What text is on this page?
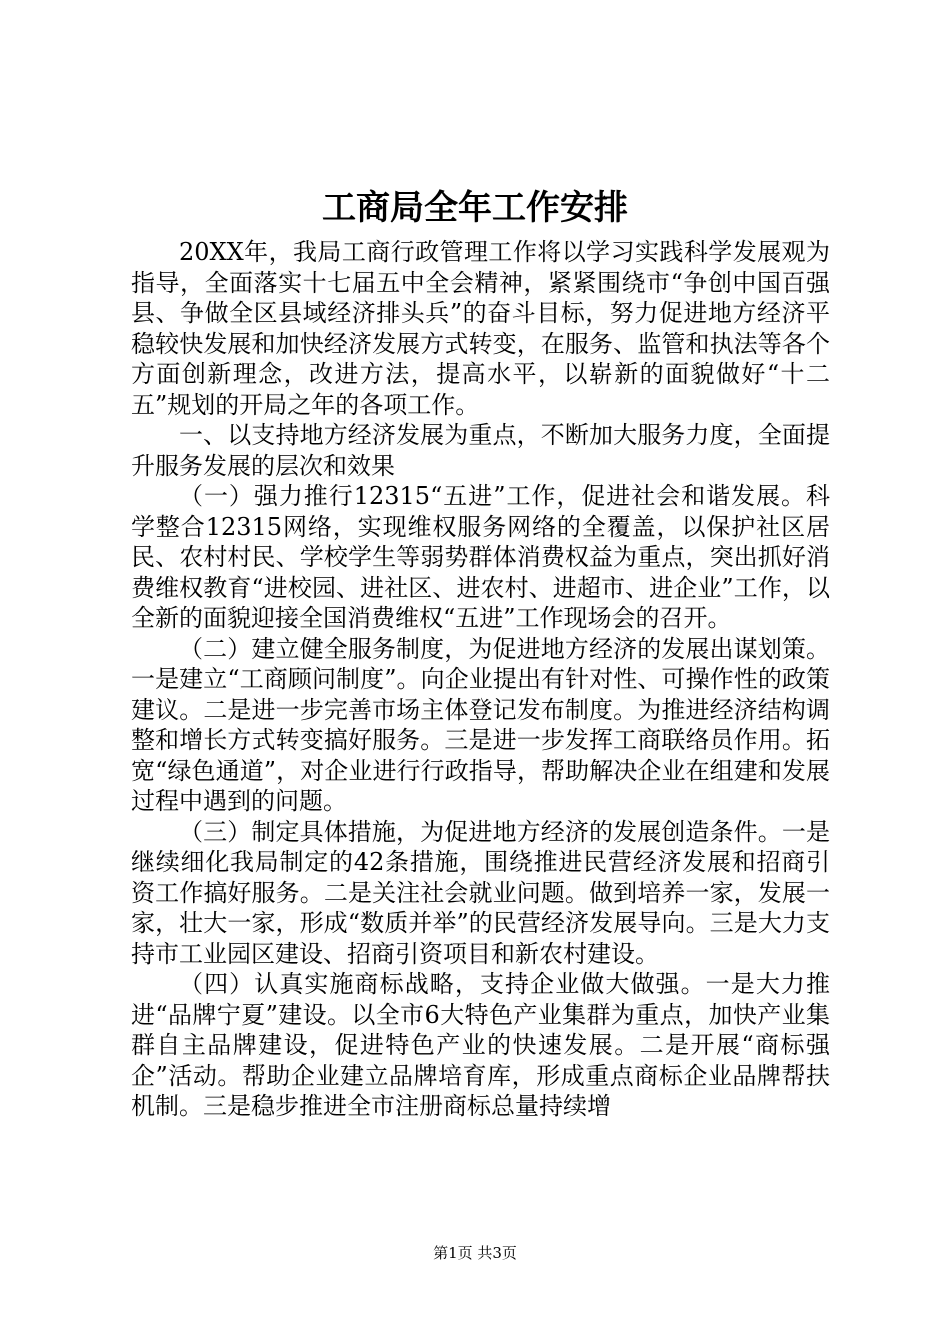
工商局全年工作安排

20XX年，我局工商行政管理工作将以学习实践科学发展观为指导，全面落实十七届五中全会精神，紧紧围绕市“争创中国百强县、争做全区县域经济排头兵”的奋斗目标，努力促进地方经济平稳较快发展和加快经济发展方式转变，在服务、监管和执法等各个方面创新理念，改进方法，提高水平，以崭新的面貌做好“十二五”规划的开局之年的各项工作。

一、以支持地方经济发展为重点，不断加大服务力度，全面提升服务发展的层次和效果

（一）强力推行12315“五进”工作，促进社会和谐发展。科学整合12315网络，实现维权服务网络的全覆盖，以保护社区居民、农村村民、学校学生等弱势群体消费权益为重点，突出抓好消费维权教育“进校园、进社区、进农村、进超市、进企业”工作，以全新的面貌迎接全国消费维权“五进”工作现场会的召开。

（二）建立健全服务制度，为促进地方经济的发展出谋划策。一是建立“工商顾问制度”。向企业提出有针对性、可操作性的政策建议。二是进一步完善市场主体登记发布制度。为推进经济结构调整和增长方式转变搞好服务。三是进一步发挥工商联络员作用。拓宽“绿色通道”，对企业进行行政指导，帮助解决企业在组建和发展过程中遇到的问题。

（三）制定具体措施，为促进地方经济的发展创造条件。一是继续细化我局制定的42条措施，围绕推进民营经济发展和招商引资工作搞好服务。二是关注社会就业问题。做到培养一家，发展一家，壮大一家，形成“数质并举”的民营经济发展导向。三是大力支持市工业园区建设、招商引资项目和新农村建设。

（四）认真实施商标战略，支持企业做大做强。一是大力推进“品牌宁夏”建设。以全市6大特色产业集群为重点，加快产业集群自主品牌建设，促进特色产业的快速发展。二是开展“商标强企”活动。帮助企业建立品牌培育库，形成重点商标企业品牌帮扶机制。三是稳步推进全市注册商标总量持续增

第1页 共3页
